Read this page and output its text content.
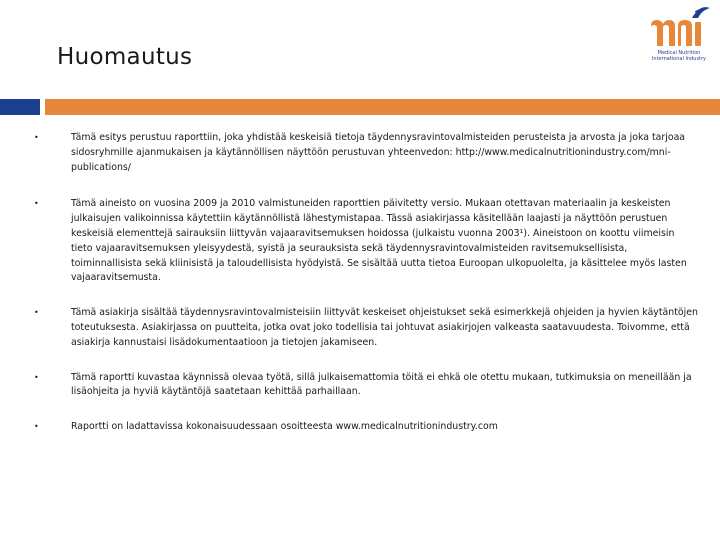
Huomautus	Medical Nutrition
International Industry
•	Tämä esitys perustuu raporttiin, joka yhdistää keskeisiä tietoja täydennysravintovalmisteiden perusteista ja arvosta ja joka tarjoaa sidosryhmille ajanmukaisen ja käytännöllisen näyttöön perustuvan yhteenvedon: http://www.medicalnutritionindustry.com/mni-publications/
•	Tämä aineisto on vuosina 2009 ja 2010 valmistuneiden raporttien päivitetty versio. Mukaan otettavan materiaalin ja keskeisten julkaisujen valikoinnissa käytettiin käytännöllistä lähestymistapaa. Tässä asiakirjassa käsitellään laajasti ja näyttöön perustuen keskeisiä elementtejä sairauksiin liittyvän vajaaravitsemuksen hoidossa (julkaistu vuonna 2003¹). Aineistoon on koottu viimeisin tieto vajaaravitsemuksen yleisyydestä, syistä ja seurauksista sekä täydennysravintovalmisteiden ravitsemuksellisista, toiminnallisista sekä kliinisistä ja taloudellisista hyödyistä. Se sisältää uutta tietoa Euroopan ulkopuolelta, ja käsittelee myös lasten vajaaravitsemusta.
•	Tämä asiakirja sisältää täydennysravintovalmisteisiin liittyvät keskeiset ohjeistukset sekä esimerkkejä ohjeiden ja hyvien käytäntöjen toteutuksesta. Asiakirjassa on puutteita, jotka ovat joko todellisia tai johtuvat asiakirjojen valkeasta saatavuudesta. Toivomme, että asiakirja kannustaisi lisädokumentaatioon ja tietojen jakamiseen.
•	Tämä raportti kuvastaa käynnissä olevaa työtä, sillä julkaisemattomia töitä ei ehkä ole otettu mukaan, tutkimuksia on meneillään ja lisäohjeita ja hyviä käytäntöjä saatetaan kehittää parhaillaan.
•	Raportti on ladattavissa kokonaisuudessaan osoitteesta www.medicalnutritionindustry.com
